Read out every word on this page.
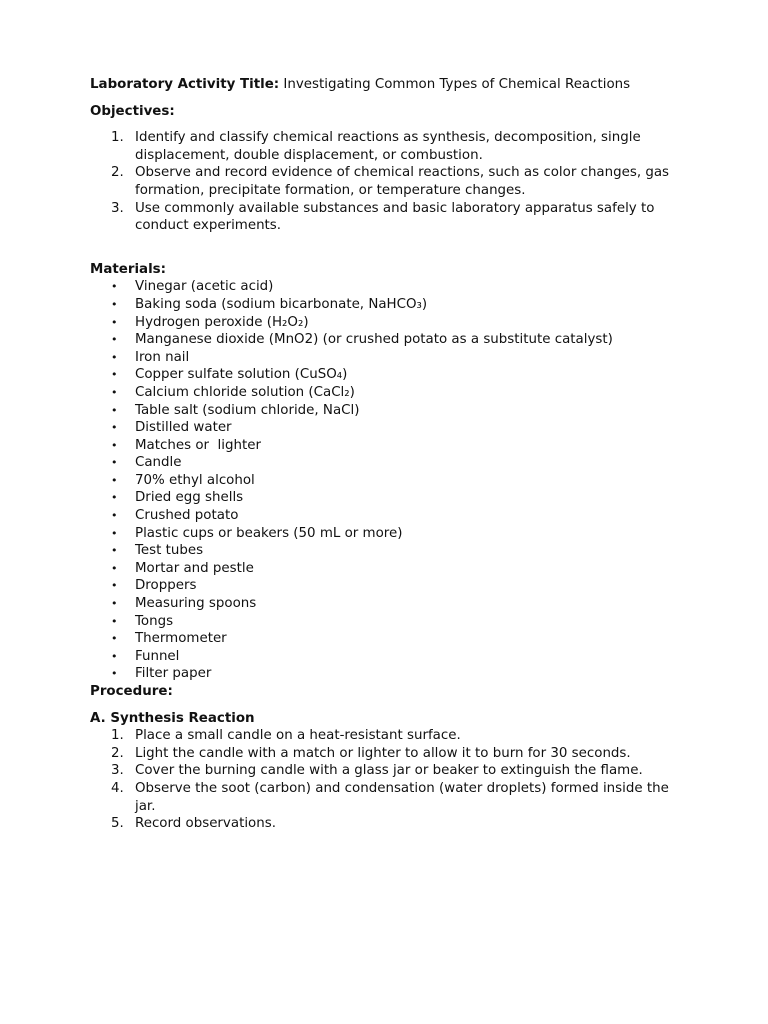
Laboratory Activity Title: Investigating Common Types of Chemical Reactions

Objectives:

1. Identify and classify chemical reactions as synthesis, decomposition, single displacement, double displacement, or combustion.
2. Observe and record evidence of chemical reactions, such as color changes, gas formation, precipitate formation, or temperature changes.
3. Use commonly available substances and basic laboratory apparatus safely to conduct experiments.

Materials:

• Vinegar (acetic acid)
• Baking soda (sodium bicarbonate, NaHCO₃)
• Hydrogen peroxide (H₂O₂)
• Manganese dioxide (MnO2) (or crushed potato as a substitute catalyst)
• Iron nail
• Copper sulfate solution (CuSO₄)
• Calcium chloride solution (CaCl₂)
• Table salt (sodium chloride, NaCl)
• Distilled water
• Matches or  lighter
• Candle
• 70% ethyl alcohol
• Dried egg shells
• Crushed potato
• Plastic cups or beakers (50 mL or more)
• Test tubes
• Mortar and pestle
• Droppers
• Measuring spoons
• Tongs
• Thermometer
• Funnel
• Filter paper

Procedure:

A. Synthesis Reaction

1. Place a small candle on a heat-resistant surface.
2. Light the candle with a match or lighter to allow it to burn for 30 seconds.
3. Cover the burning candle with a glass jar or beaker to extinguish the flame.
4. Observe the soot (carbon) and condensation (water droplets) formed inside the jar.
5. Record observations.
